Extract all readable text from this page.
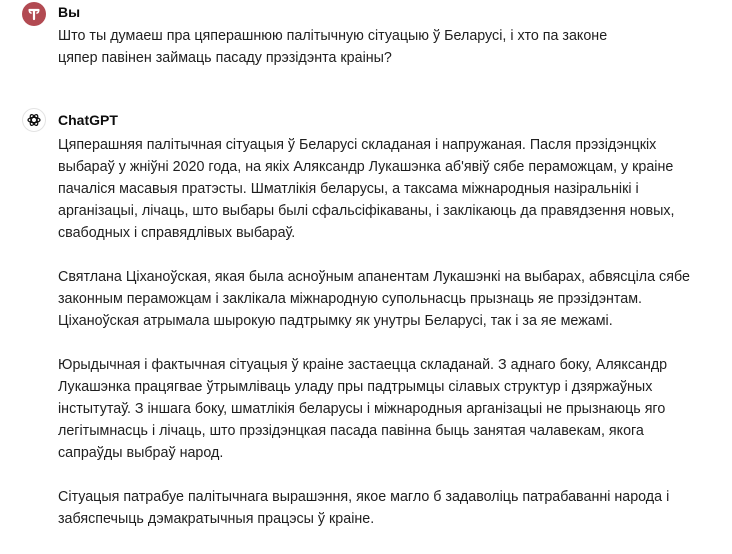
Вы
Што ты думаеш пра цяперашнюю палітычную сітуацыю ў Беларусі, і хто па законе
цяпер павінен займаць пасаду прэзідэнта краіны?
ChatGPT
Цяперашняя палітычная сітуацыя ў Беларусі складаная і напружаная. Пасля прэзідэнцкіх
выбараў у жніўні 2020 года, на якіх Аляксандр Лукашэнка аб'явіў сябе пераможцам, у краіне
пачаліся масавыя пратэсты. Шматлікія беларусы, а таксама міжнародныя назіральнікі і
арганізацыі, лічаць, што выбары былі сфальсіфікаваны, і заклікаюць да правядзення новых,
свабодных і справядлівых выбараў.
Святлана Ціханоўская, якая была асноўным апанентам Лукашэнкі на выбарах, абвясціла сябе
законным пераможцам і заклікала міжнародную супольнасць прызнаць яе прэзідэнтам.
Ціханоўская атрымала шырокую падтрымку як унутры Беларусі, так і за яе межамі.
Юрыдычная і фактычная сітуацыя ў краіне застаецца складанай. З аднаго боку, Аляксандр
Лукашэнка працягвае ўтрымліваць уладу пры падтрымцы сілавых структур і дзяржаўных
інстытутаў. З іншага боку, шматлікія беларусы і міжнародныя арганізацыі не прызнаюць яго
легітымнасць і лічаць, што прэзідэнцкая пасада павінна быць занятая чалавекам, якога
сапраўды выбраў народ.
Сітуацыя патрабуе палітычнага вырашэння, якое магло б задаволіць патрабаванні народа і
забяспечыць дэмакратычныя працэсы ў краіне.
